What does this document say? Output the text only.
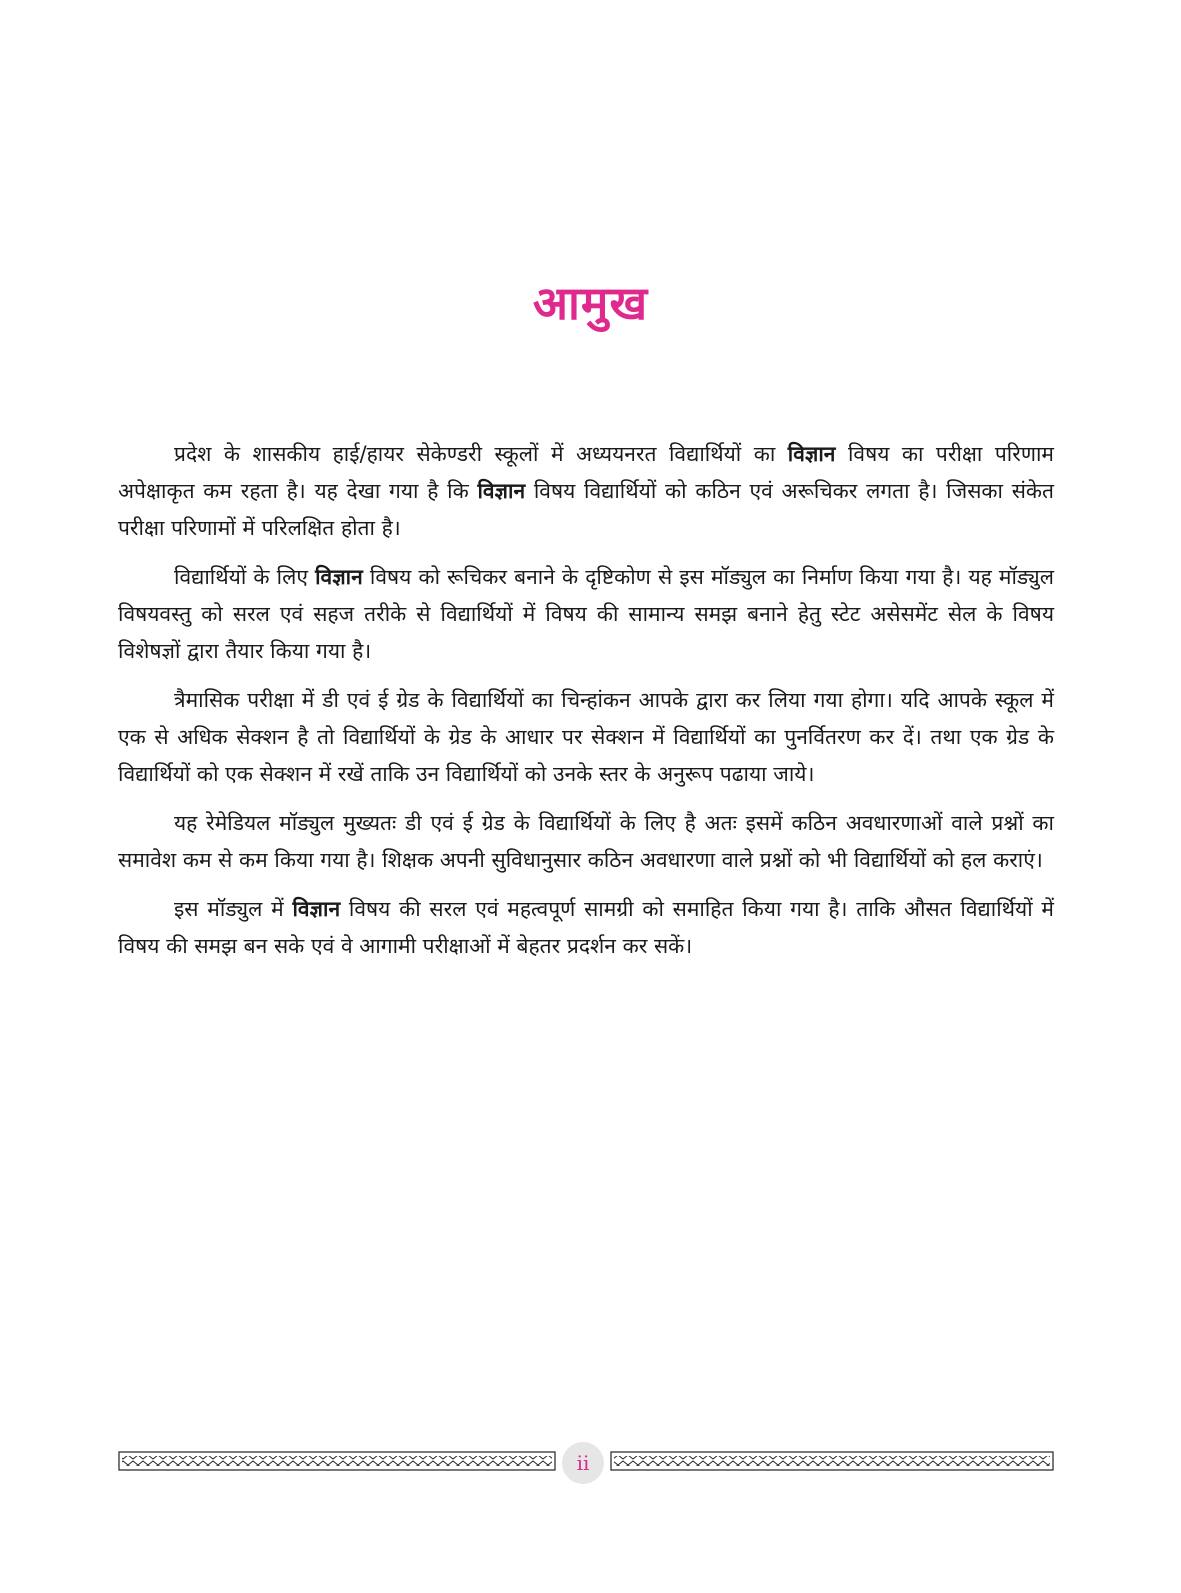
आमुख

प्रदेश के शासकीय हाई/हायर सेकेण्डरी स्कूलों में अध्ययनरत विद्यार्थियों का विज्ञान विषय का परीक्षा परिणाम अपेक्षाकृत कम रहता है। यह देखा गया है कि विज्ञान विषय विद्यार्थियों को कठिन एवं अरूचिकर लगता है। जिसका संकेत परीक्षा परिणामों में परिलक्षित होता है।

विद्यार्थियों के लिए विज्ञान विषय को रूचिकर बनाने के दृष्टिकोण से इस मॉड्युल का निर्माण किया गया है। यह मॉड्युल विषयवस्तु को सरल एवं सहज तरीके से विद्यार्थियों में विषय की सामान्य समझ बनाने हेतु स्टेट असेसमेंट सेल के विषय विशेषज्ञों द्वारा तैयार किया गया है।

त्रैमासिक परीक्षा में डी एवं ई ग्रेड के विद्यार्थियों का चिन्हांकन आपके द्वारा कर लिया गया होगा। यदि आपके स्कूल में एक से अधिक सेक्शन है तो विद्यार्थियों के ग्रेड के आधार पर सेक्शन में विद्यार्थियों का पुनर्वितरण कर दें। तथा एक ग्रेड के विद्यार्थियों को एक सेक्शन में रखें ताकि उन विद्यार्थियों को उनके स्तर के अनुरूप पढाया जाये।

यह रेमेडियल मॉड्युल मुख्यतः डी एवं ई ग्रेड के विद्यार्थियों के लिए है अतः इसमें कठिन अवधारणाओं वाले प्रश्नों का समावेश कम से कम किया गया है। शिक्षक अपनी सुविधानुसार कठिन अवधारणा वाले प्रश्नों को भी विद्यार्थियों को हल कराएं।

इस मॉड्युल में विज्ञान विषय की सरल एवं महत्वपूर्ण सामग्री को समाहित किया गया है। ताकि औसत विद्यार्थियों में विषय की समझ बन सके एवं वे आगामी परीक्षाओं में बेहतर प्रदर्शन कर सकें।

ii
